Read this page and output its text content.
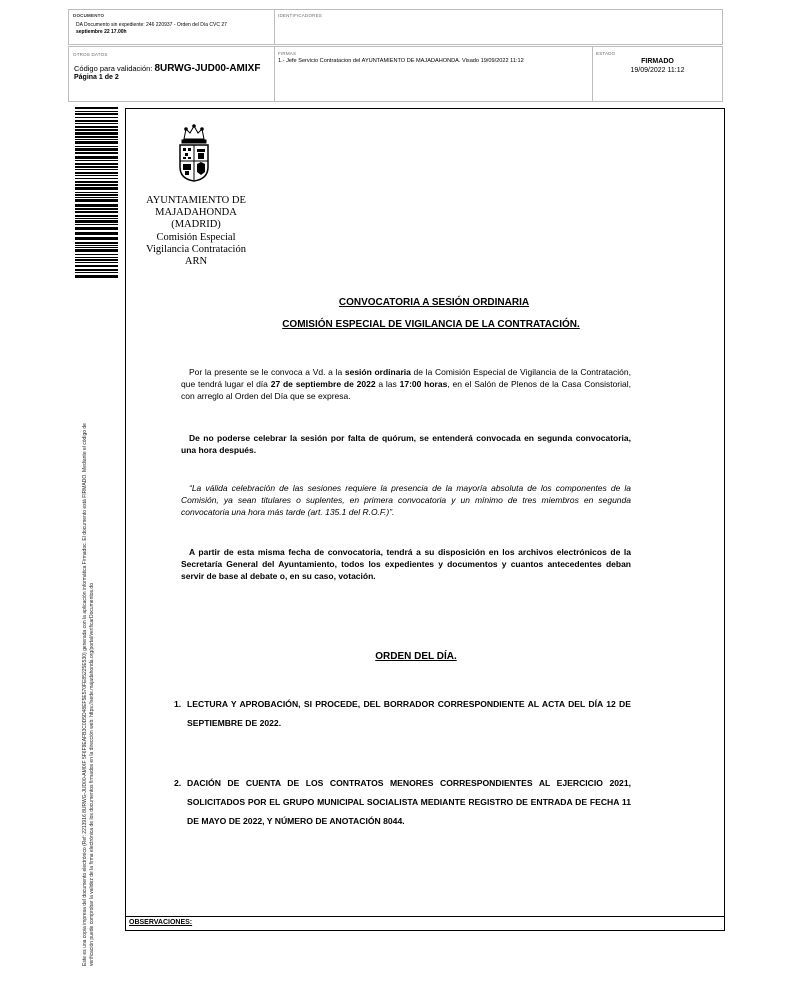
DOCUMENTO
DA Documento sin expediente: 246 220937 - Orden del Día CVC 27
septiembre 22 17.00h
IDENTIFICADORES
OTROS DATOS
Código para validación: 8URWG-JUD00-AMIXF
Página 1 de 2
FIRMAS
1.- Jefe Servicio Contratacion del AYUNTAMIENTO DE MAJADAHONDA. Visado 19/09/2022 11:12
ESTADO
FIRMADO
19/09/2022 11:12
Este es una copia impresa del documento electrónico (Ref: 2213916 8URWG-JUD00-AMIXF 5F6F9EAFB3C0D5D48EF5E570FE85225E530) generada con la aplicación informática Firmadoc. El documento está FIRMADO. Mediante el código de verificación puede comprobar la validez de la firma electrónica de los documentos firmados en la dirección web: https://sede.majadahonda.org/portal/verificarDocumentos.do
AYUNTAMIENTO DE
MAJADAHONDA
(MADRID)
Comisión Especial
Vigilancia Contratación
ARN
CONVOCATORIA A SESIÓN ORDINARIA
COMISIÓN ESPECIAL DE VIGILANCIA DE LA CONTRATACIÓN.
Por la presente se le convoca a Vd. a la sesión ordinaria de la Comisión Especial de Vigilancia de la Contratación, que tendrá lugar el día 27 de septiembre de 2022 a las 17:00 horas, en el Salón de Plenos de la Casa Consistorial, con arreglo al Orden del Día que se expresa.
De no poderse celebrar la sesión por falta de quórum, se entenderá convocada en segunda convocatoria, una hora después.
“La válida celebración de las sesiones requiere la presencia de la mayoría absoluta de los componentes de la Comisión, ya sean titulares o suplentes, en primera convocatoria y un mínimo de tres miembros en segunda convocatoria una hora más tarde (art. 135.1 del R.O.F.)”.
A partir de esta misma fecha de convocatoria, tendrá a su disposición en los archivos electrónicos de la Secretaría General del Ayuntamiento, todos los expedientes y documentos y cuantos antecedentes deban servir de base al debate o, en su caso, votación.
ORDEN DEL DÍA.
1. LECTURA Y APROBACIÓN, SI PROCEDE, DEL BORRADOR CORRESPONDIENTE AL ACTA DEL DÍA 12 DE SEPTIEMBRE DE 2022.
2. DACIÓN DE CUENTA DE LOS CONTRATOS MENORES CORRESPONDIENTES AL EJERCICIO 2021, SOLICITADOS POR EL GRUPO MUNICIPAL SOCIALISTA MEDIANTE REGISTRO DE ENTRADA DE FECHA 11 DE MAYO DE 2022, Y NÚMERO DE ANOTACIÓN 8044.
OBSERVACIONES:
